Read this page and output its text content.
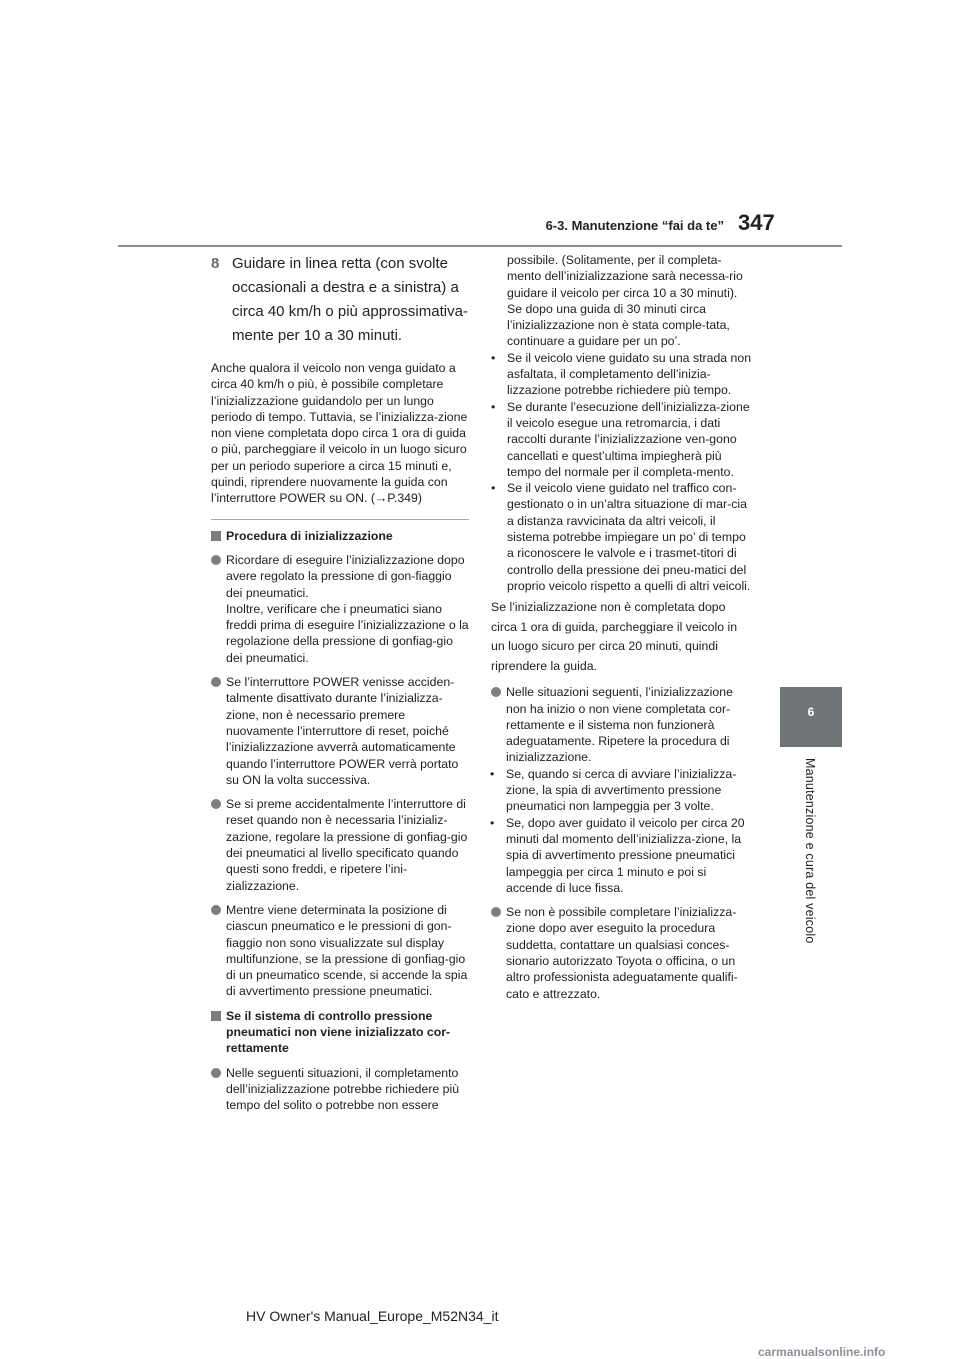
6-3. Manutenzione “fai da te” 347
6
Manutenzione e cura del veicolo
8 Guidare in linea retta (con svolte occasionali a destra e a sinistra) a circa 40 km/h o più approssimativa-mente per 10 a 30 minuti.
Anche qualora il veicolo non venga guidato a circa 40 km/h o più, è possibile completare l’inizializzazione guidandolo per un lungo periodo di tempo. Tuttavia, se l’inizializza-zione non viene completata dopo circa 1 ora di guida o più, parcheggiare il veicolo in un luogo sicuro per un periodo superiore a circa 15 minuti e, quindi, riprendere nuovamente la guida con l’interruttore POWER su ON. (→P.349)
Procedura di inizializzazione
Ricordare di eseguire l’inizializzazione dopo avere regolato la pressione di gon-fiaggio dei pneumatici.
Inoltre, verificare che i pneumatici siano freddi prima di eseguire l’inizializzazione o la regolazione della pressione di gonfiag-gio dei pneumatici.
Se l’interruttore POWER venisse acciden-talmente disattivato durante l’inizializza-zione, non è necessario premere nuovamente l’interruttore di reset, poiché l’inizializzazione avverrà automaticamente quando l’interruttore POWER verrà portato su ON la volta successiva.
Se si preme accidentalmente l’interruttore di reset quando non è necessaria l’inizializ-zazione, regolare la pressione di gonfiag-gio dei pneumatici al livello specificato quando questi sono freddi, e ripetere l’ini-zializzazione.
Mentre viene determinata la posizione di ciascun pneumatico e le pressioni di gon-fiaggio non sono visualizzate sul display multifunzione, se la pressione di gonfiag-gio di un pneumatico scende, si accende la spia di avvertimento pressione pneumatici.
Se il sistema di controllo pressione pneumatici non viene inizializzato cor-rettamente
Nelle seguenti situazioni, il completamento dell’inizializzazione potrebbe richiedere più tempo del solito o potrebbe non essere
possibile. (Solitamente, per il completa-mento dell’inizializzazione sarà necessa-rio guidare il veicolo per circa 10 a 30 minuti). Se dopo una guida di 30 minuti circa l’inizializzazione non è stata comple-tata, continuare a guidare per un po’.
• Se il veicolo viene guidato su una strada non asfaltata, il completamento dell’inizia-lizzazione potrebbe richiedere più tempo.
• Se durante l’esecuzione dell’inizializza-zione il veicolo esegue una retromarcia, i dati raccolti durante l’inizializzazione ven-gono cancellati e quest’ultima impiegherà più tempo del normale per il completa-mento.
• Se il veicolo viene guidato nel traffico con-gestionato o in un’altra situazione di mar-cia a distanza ravvicinata da altri veicoli, il sistema potrebbe impiegare un po’ di tempo a riconoscere le valvole e i trasmet-titori di controllo della pressione dei pneu-matici del proprio veicolo rispetto a quelli di altri veicoli.
Se l’inizializzazione non è completata dopo circa 1 ora di guida, parcheggiare il veicolo in un luogo sicuro per circa 20 minuti, quindi riprendere la guida.
Nelle situazioni seguenti, l’inizializzazione non ha inizio o non viene completata cor-rettamente e il sistema non funzionerà adeguatamente. Ripetere la procedura di inizializzazione.
• Se, quando si cerca di avviare l’inizializza-zione, la spia di avvertimento pressione pneumatici non lampeggia per 3 volte.
• Se, dopo aver guidato il veicolo per circa 20 minuti dal momento dell’inizializza-zione, la spia di avvertimento pressione pneumatici lampeggia per circa 1 minuto e poi si accende di luce fissa.
Se non è possibile completare l’inizializza-zione dopo aver eseguito la procedura suddetta, contattare un qualsiasi conces-sionario autorizzato Toyota o officina, o un altro professionista adeguatamente qualifi-cato e attrezzato.
HV Owner's Manual_Europe_M52N34_it
carmanualsonline.info
